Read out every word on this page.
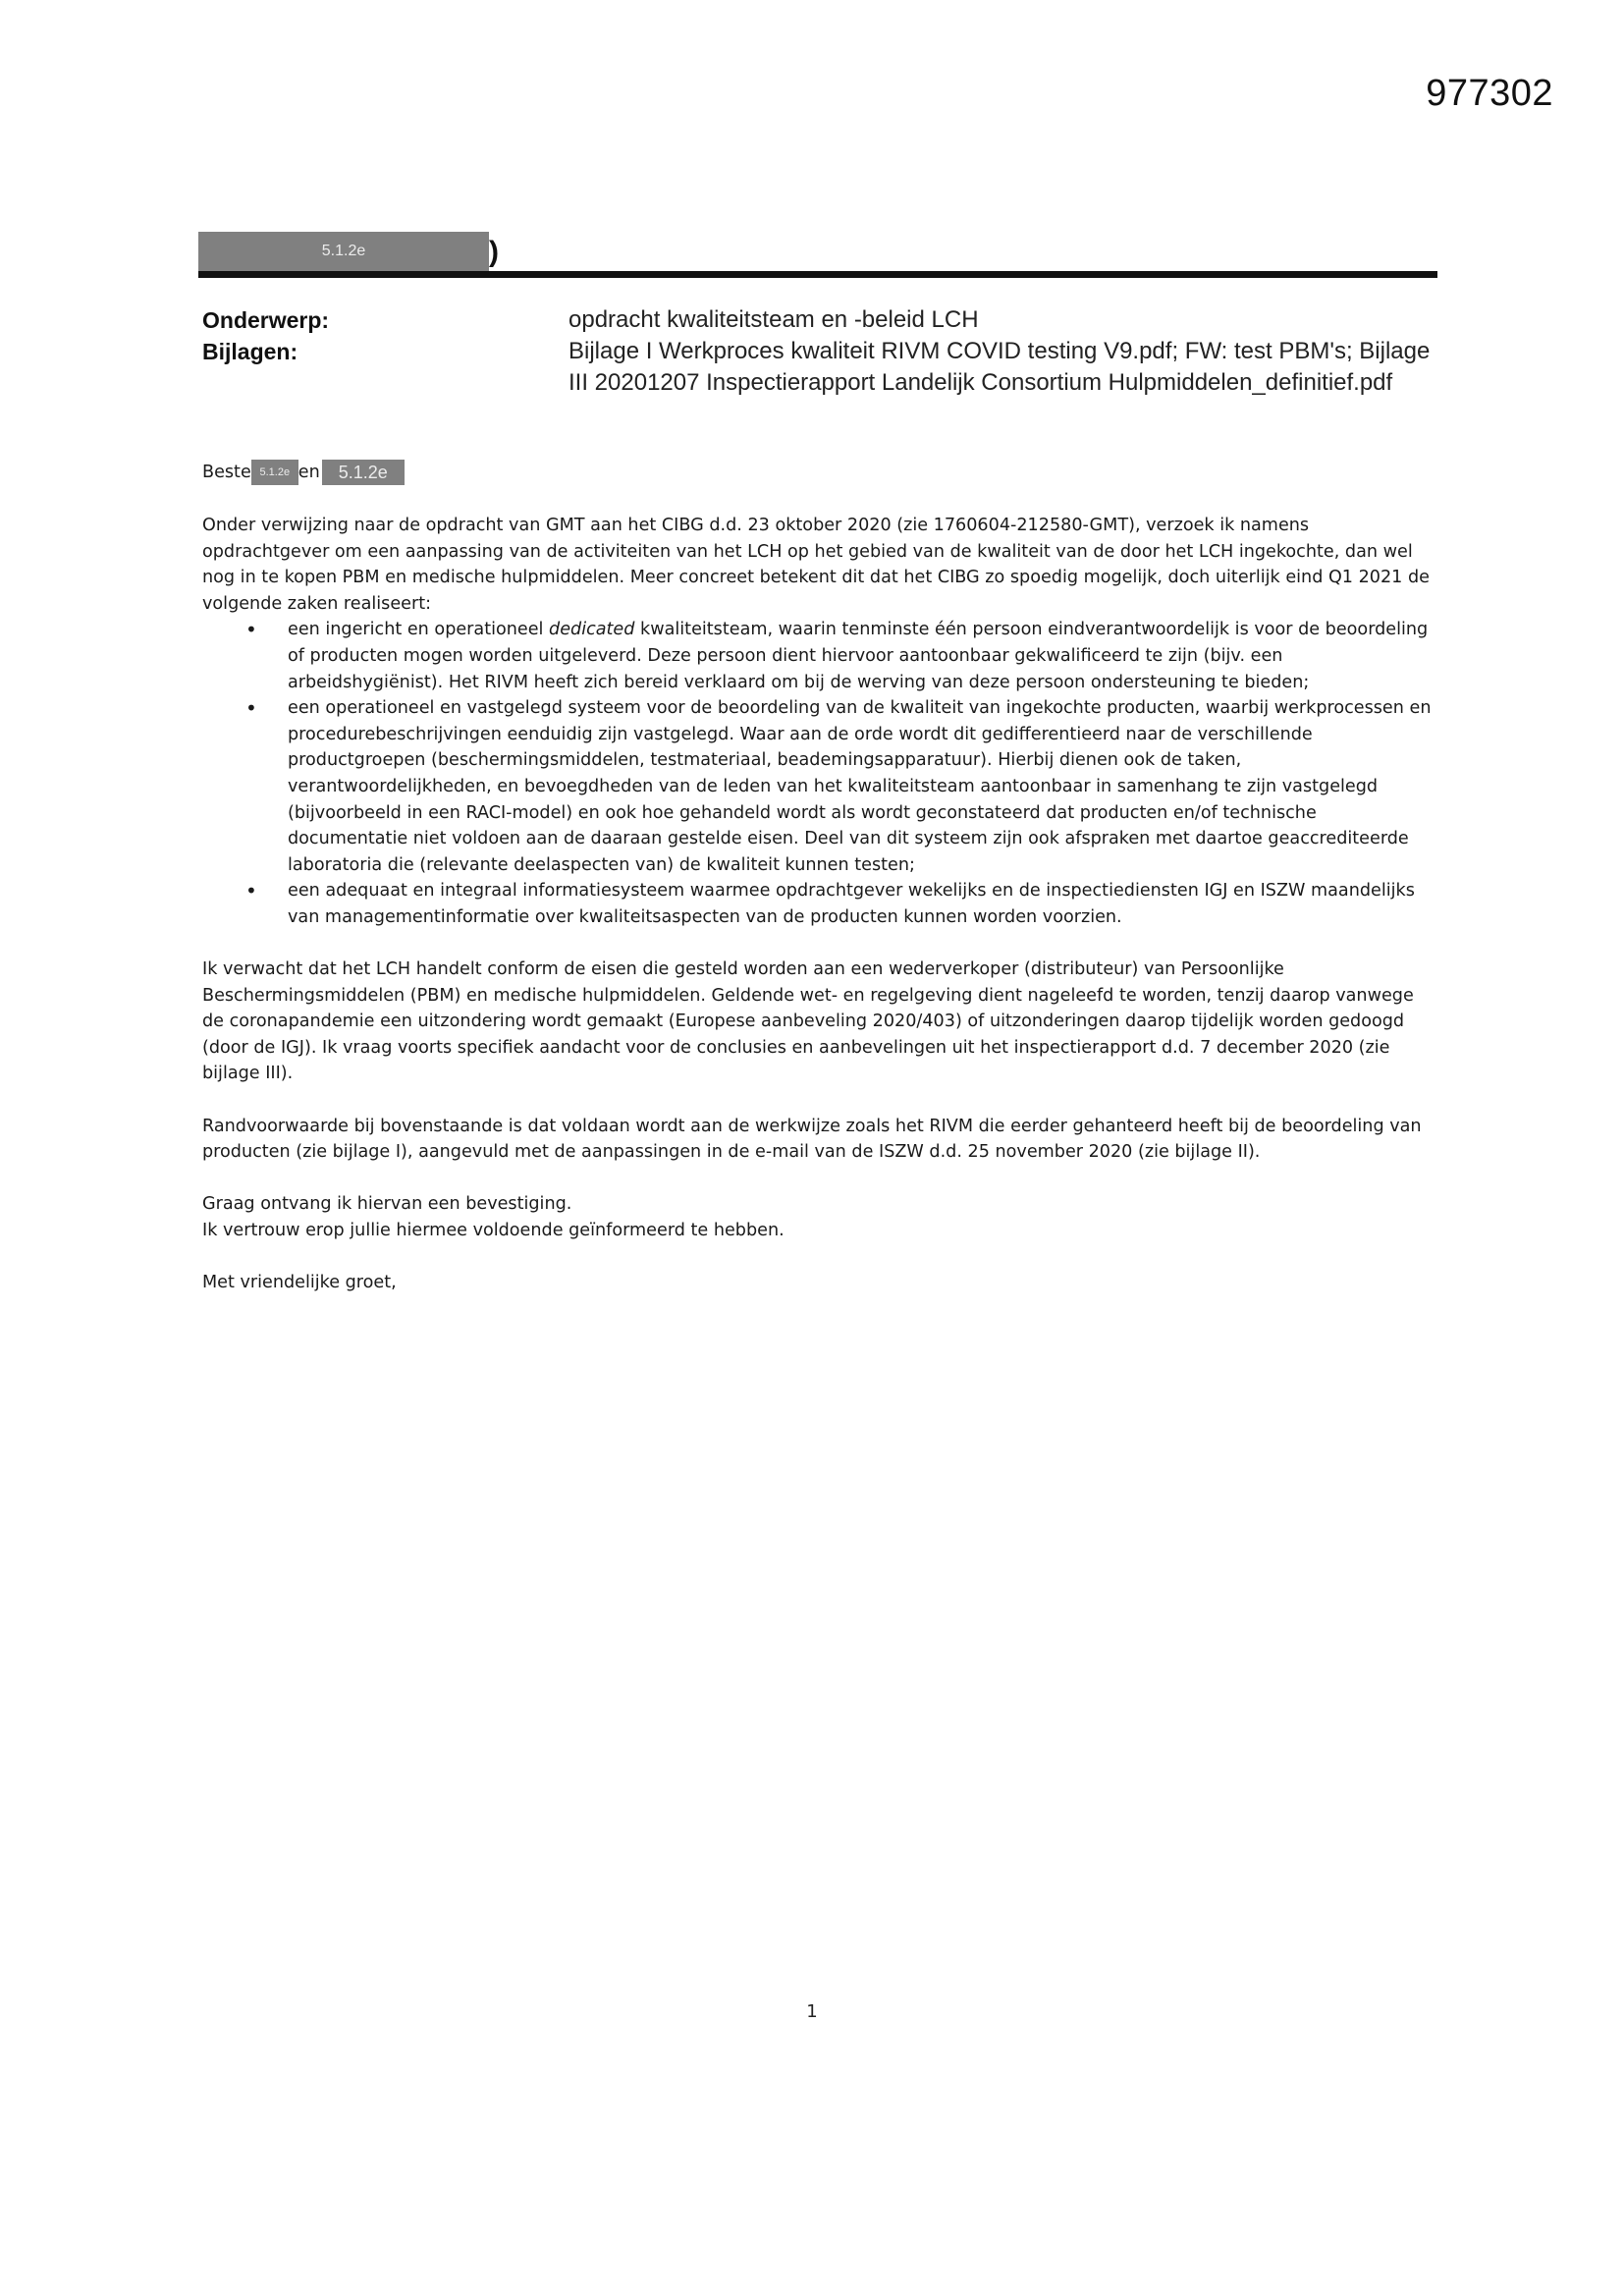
977302
5.1.2e	)
Onderwerp:	opdracht kwaliteitsteam en -beleid LCH
Bijlagen:	Bijlage I Werkproces kwaliteit RIVM COVID testing V9.pdf; FW: test PBM's; Bijlage III 20201207 Inspectierapport Landelijk Consortium Hulpmiddelen_definitief.pdf

Beste 5.1.2e en 5.1.2e

Onder verwijzing naar de opdracht van GMT aan het CIBG d.d. 23 oktober 2020 (zie 1760604-212580-GMT), verzoek ik namens opdrachtgever om een aanpassing van de activiteiten van het LCH op het gebied van de kwaliteit van de door het LCH ingekochte, dan wel nog in te kopen PBM en medische hulpmiddelen. Meer concreet betekent dit dat het CIBG zo spoedig mogelijk, doch uiterlijk eind Q1 2021 de volgende zaken realiseert:

• een ingericht en operationeel dedicated kwaliteitsteam, waarin tenminste één persoon eindverantwoordelijk is voor de beoordeling of producten mogen worden uitgeleverd. Deze persoon dient hiervoor aantoonbaar gekwalificeerd te zijn (bijv. een arbeidshygiënist). Het RIVM heeft zich bereid verklaard om bij de werving van deze persoon ondersteuning te bieden;
• een operationeel en vastgelegd systeem voor de beoordeling van de kwaliteit van ingekochte producten, waarbij werkprocessen en procedurebeschrijvingen eenduidig zijn vastgelegd. Waar aan de orde wordt dit gedifferentieerd naar de verschillende productgroepen (beschermingsmiddelen, testmateriaal, beademingsapparatuur). Hierbij dienen ook de taken, verantwoordelijkheden, en bevoegdheden van de leden van het kwaliteitsteam aantoonbaar in samenhang te zijn vastgelegd (bijvoorbeeld in een RACI-model) en ook hoe gehandeld wordt als wordt geconstateerd dat producten en/of technische documentatie niet voldoen aan de daaraan gestelde eisen. Deel van dit systeem zijn ook afspraken met daartoe geaccrediteerde laboratoria die (relevante deelaspecten van) de kwaliteit kunnen testen;
• een adequaat en integraal informatiesysteem waarmee opdrachtgever wekelijks en de inspectiediensten IGJ en ISZW maandelijks van managementinformatie over kwaliteitsaspecten van de producten kunnen worden voorzien.

Ik verwacht dat het LCH handelt conform de eisen die gesteld worden aan een wederverkoper (distributeur) van Persoonlijke Beschermingsmiddelen (PBM) en medische hulpmiddelen. Geldende wet- en regelgeving dient nageleefd te worden, tenzij daarop vanwege de coronapandemie een uitzondering wordt gemaakt (Europese aanbeveling 2020/403) of uitzonderingen daarop tijdelijk worden gedoogd (door de IGJ). Ik vraag voorts specifiek aandacht voor de conclusies en aanbevelingen uit het inspectierapport d.d. 7 december 2020 (zie bijlage III).

Randvoorwaarde bij bovenstaande is dat voldaan wordt aan de werkwijze zoals het RIVM die eerder gehanteerd heeft bij de beoordeling van producten (zie bijlage I), aangevuld met de aanpassingen in de e-mail van de ISZW d.d. 25 november 2020 (zie bijlage II).

Graag ontvang ik hiervan een bevestiging.

Ik vertrouw erop jullie hiermee voldoende geïnformeerd te hebben.

Met vriendelijke groet,

1
